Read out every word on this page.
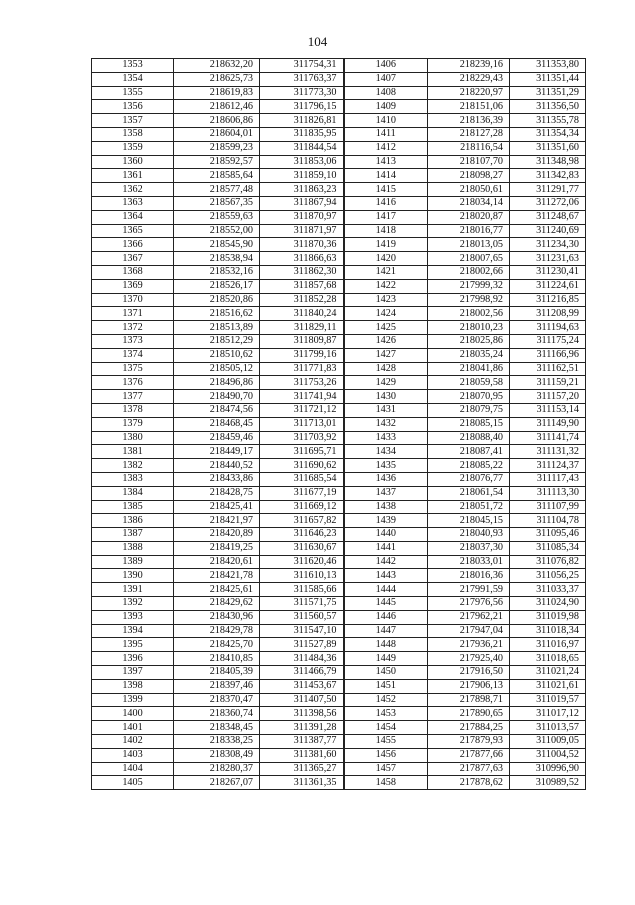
104
1353	218632,20	311754,31	1406	218239,16	311353,80
1354	218625,73	311763,37	1407	218229,43	311351,44
1355	218619,83	311773,30	1408	218220,97	311351,29
1356	218612,46	311796,15	1409	218151,06	311356,50
1357	218606,86	311826,81	1410	218136,39	311355,78
1358	218604,01	311835,95	1411	218127,28	311354,34
1359	218599,23	311844,54	1412	218116,54	311351,60
1360	218592,57	311853,06	1413	218107,70	311348,98
1361	218585,64	311859,10	1414	218098,27	311342,83
1362	218577,48	311863,23	1415	218050,61	311291,77
1363	218567,35	311867,94	1416	218034,14	311272,06
1364	218559,63	311870,97	1417	218020,87	311248,67
1365	218552,00	311871,97	1418	218016,77	311240,69
1366	218545,90	311870,36	1419	218013,05	311234,30
1367	218538,94	311866,63	1420	218007,65	311231,63
1368	218532,16	311862,30	1421	218002,66	311230,41
1369	218526,17	311857,68	1422	217999,32	311224,61
1370	218520,86	311852,28	1423	217998,92	311216,85
1371	218516,62	311840,24	1424	218002,56	311208,99
1372	218513,89	311829,11	1425	218010,23	311194,63
1373	218512,29	311809,87	1426	218025,86	311175,24
1374	218510,62	311799,16	1427	218035,24	311166,96
1375	218505,12	311771,83	1428	218041,86	311162,51
1376	218496,86	311753,26	1429	218059,58	311159,21
1377	218490,70	311741,94	1430	218070,95	311157,20
1378	218474,56	311721,12	1431	218079,75	311153,14
1379	218468,45	311713,01	1432	218085,15	311149,90
1380	218459,46	311703,92	1433	218088,40	311141,74
1381	218449,17	311695,71	1434	218087,41	311131,32
1382	218440,52	311690,62	1435	218085,22	311124,37
1383	218433,86	311685,54	1436	218076,77	311117,43
1384	218428,75	311677,19	1437	218061,54	311113,30
1385	218425,41	311669,12	1438	218051,72	311107,99
1386	218421,97	311657,82	1439	218045,15	311104,78
1387	218420,89	311646,23	1440	218040,93	311095,46
1388	218419,25	311630,67	1441	218037,30	311085,34
1389	218420,61	311620,46	1442	218033,01	311076,82
1390	218421,78	311610,13	1443	218016,36	311056,25
1391	218425,61	311585,66	1444	217991,59	311033,37
1392	218429,62	311571,75	1445	217976,56	311024,90
1393	218430,96	311560,57	1446	217962,21	311019,98
1394	218429,78	311547,10	1447	217947,04	311018,34
1395	218425,70	311527,89	1448	217936,21	311016,97
1396	218410,85	311484,36	1449	217925,40	311018,65
1397	218405,39	311466,79	1450	217916,50	311021,24
1398	218397,46	311453,67	1451	217906,13	311021,61
1399	218370,47	311407,50	1452	217898,71	311019,57
1400	218360,74	311398,56	1453	217890,65	311017,12
1401	218348,45	311391,28	1454	217884,25	311013,57
1402	218338,25	311387,77	1455	217879,93	311009,05
1403	218308,49	311381,60	1456	217877,66	311004,52
1404	218280,37	311365,27	1457	217877,63	310996,90
1405	218267,07	311361,35	1458	217878,62	310989,52
